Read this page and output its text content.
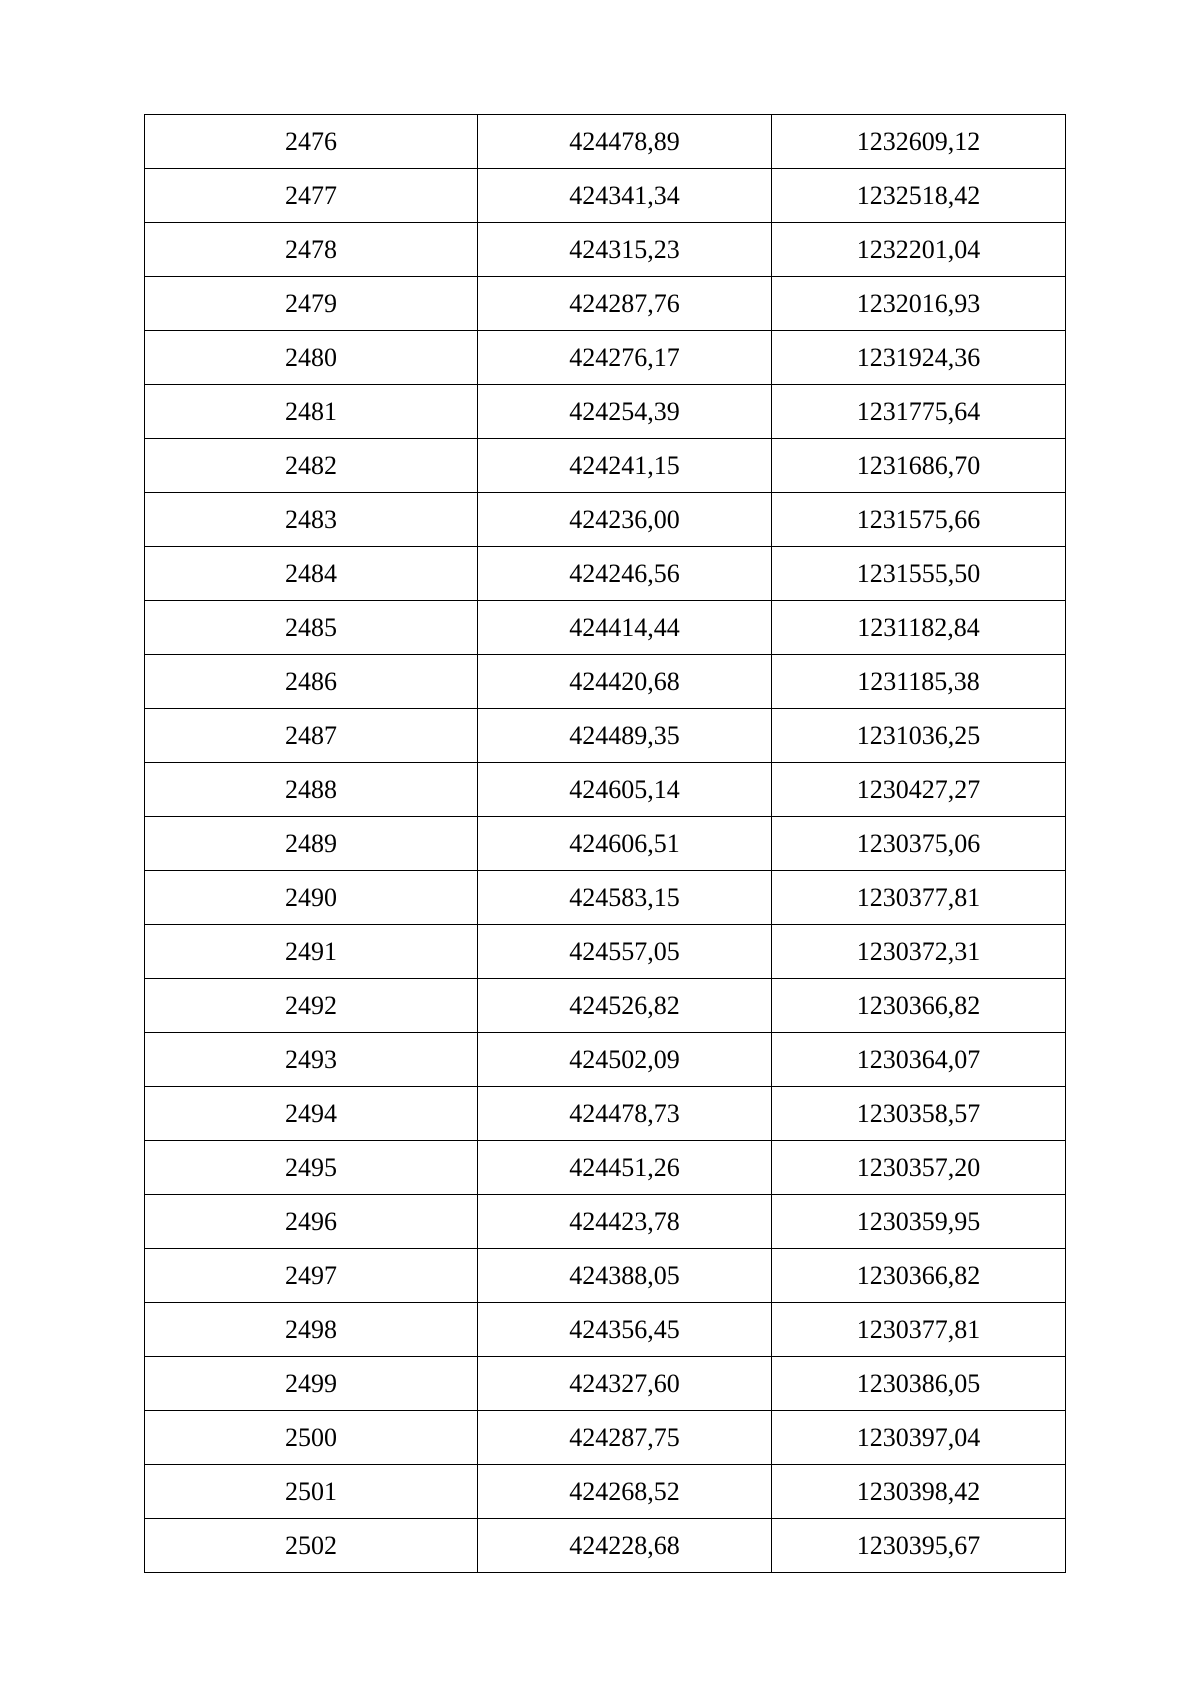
2476	424478,89	1232609,12
2477	424341,34	1232518,42
2478	424315,23	1232201,04
2479	424287,76	1232016,93
2480	424276,17	1231924,36
2481	424254,39	1231775,64
2482	424241,15	1231686,70
2483	424236,00	1231575,66
2484	424246,56	1231555,50
2485	424414,44	1231182,84
2486	424420,68	1231185,38
2487	424489,35	1231036,25
2488	424605,14	1230427,27
2489	424606,51	1230375,06
2490	424583,15	1230377,81
2491	424557,05	1230372,31
2492	424526,82	1230366,82
2493	424502,09	1230364,07
2494	424478,73	1230358,57
2495	424451,26	1230357,20
2496	424423,78	1230359,95
2497	424388,05	1230366,82
2498	424356,45	1230377,81
2499	424327,60	1230386,05
2500	424287,75	1230397,04
2501	424268,52	1230398,42
2502	424228,68	1230395,67
